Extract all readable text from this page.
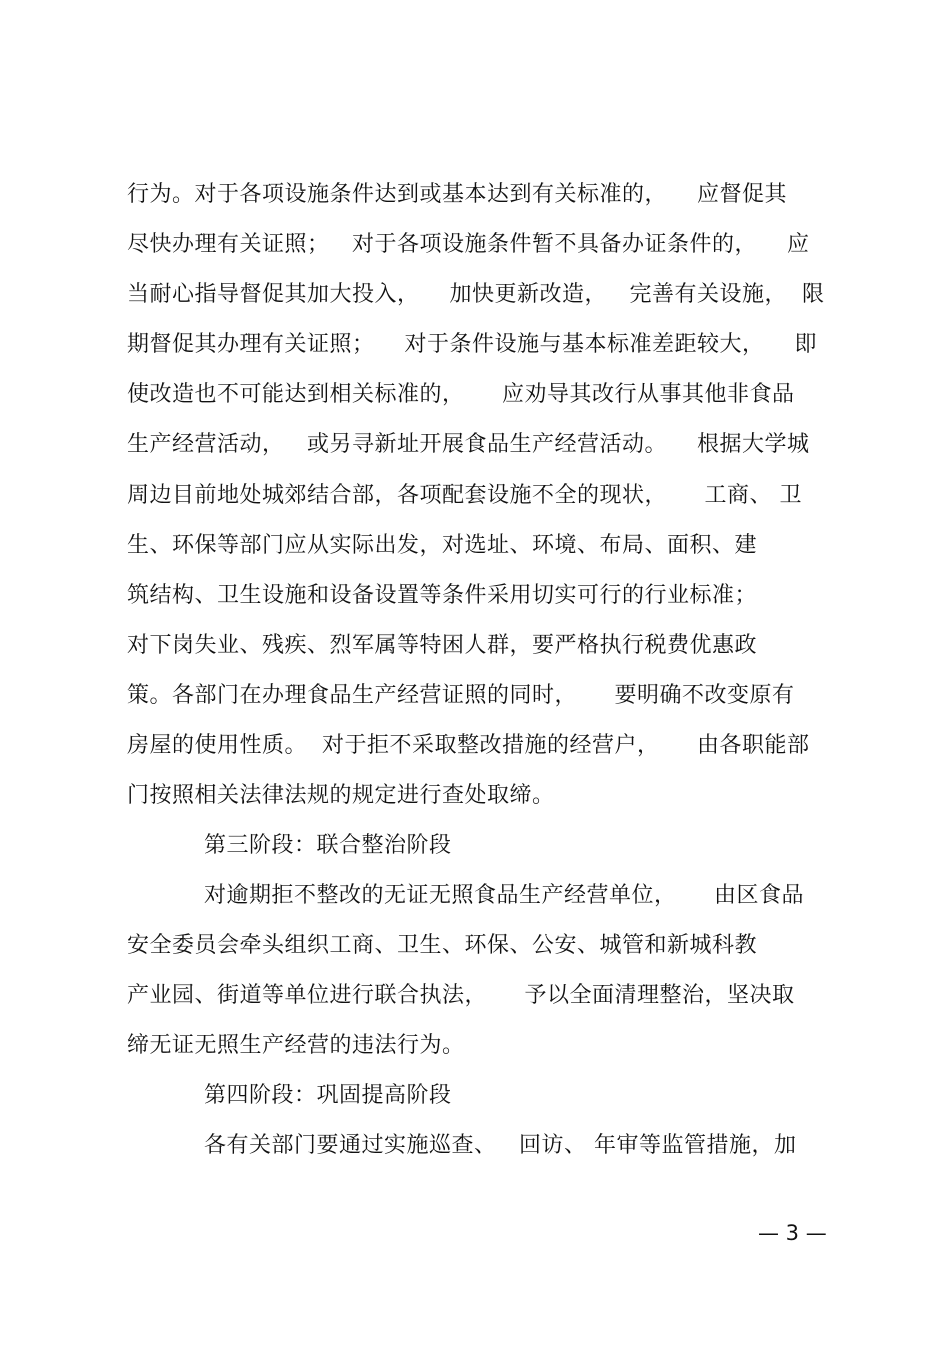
行为。对于各项设施条件达到或基本达到有关标准的，    应督促其
尽快办理有关证照；   对于各项设施条件暂不具备办证条件的，    应
当耐心指导督促其加大投入，    加快更新改造，   完善有关设施，  限
期督促其办理有关证照；    对于条件设施与基本标准差距较大，    即
使改造也不可能达到相关标准的，     应劝导其改行从事其他非食品
生产经营活动，   或另寻新址开展食品生产经营活动。    根据大学城
周边目前地处城郊结合部，各项配套设施不全的现状，     工商、 卫
生、环保等部门应从实际出发，对选址、环境、布局、面积、建
筑结构、卫生设施和设备设置等条件采用切实可行的行业标准；
对下岗失业、残疾、烈军属等特困人群，要严格执行税费优惠政
策。各部门在办理食品生产经营证照的同时，     要明确不改变原有
房屋的使用性质。  对于拒不采取整改措施的经营户，     由各职能部
门按照相关法律法规的规定进行查处取缔。
第三阶段：联合整治阶段
对逾期拒不整改的无证无照食品生产经营单位，     由区食品
安全委员会牵头组织工商、卫生、环保、公安、城管和新城科教
产业园、街道等单位进行联合执法，     予以全面清理整治，坚决取
缔无证无照生产经营的违法行为。
第四阶段：巩固提高阶段
各有关部门要通过实施巡查、   回访、 年审等监管措施，加
— 3 —
